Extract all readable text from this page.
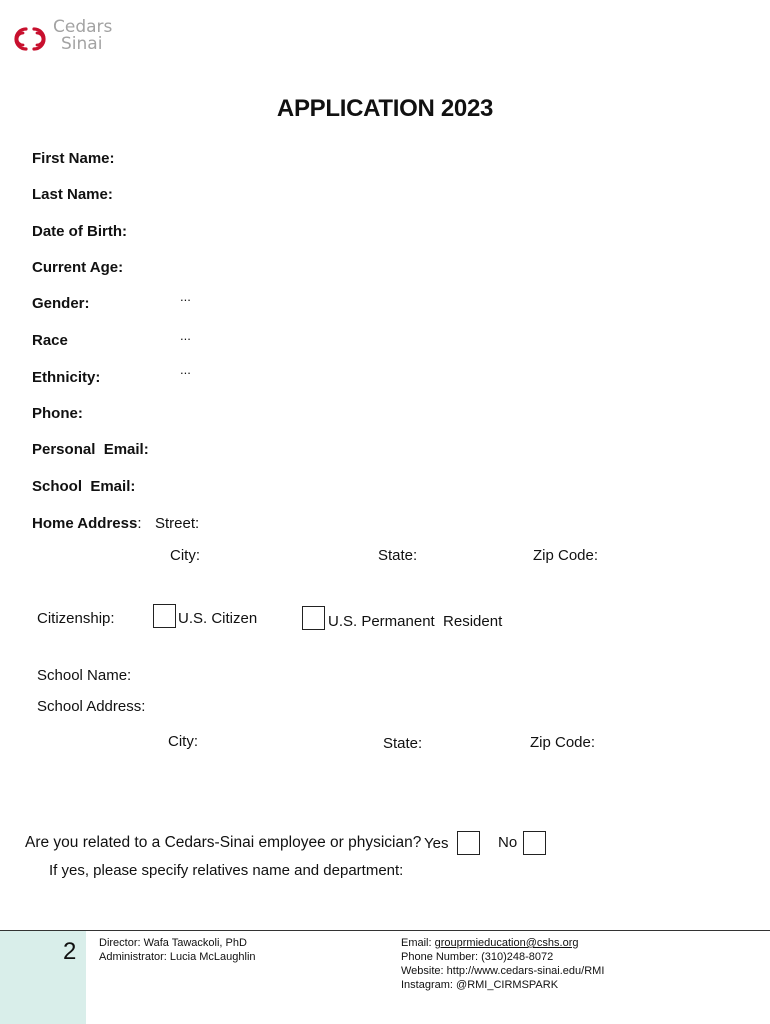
Cedars
Sinai
APPLICATION 2023
First Name:
Last Name:
Date of Birth:
Current Age:
Gender:	...
Race	...
Ethnicity:	...
Phone:
Personal  Email:
School  Email:
Home Address: Street:
City:	State:	Zip Code:
Citizenship:	U.S. Citizen	U.S. Permanent  Resident
School Name:
School Address:
City:	State:	Zip Code:
Are you related to a Cedars-Sinai employee or physician? Yes	No
If yes, please specify relatives name and department:
2 Director: Wafa Tawackoli, PhD
Administrator: Lucia McLaughlin
Email: grouprmieducation@cshs.org
Phone Number: (310)248-8072
Website: http://www.cedars-sinai.edu/RMI
Instagram: @RMI_CIRMSPARK
